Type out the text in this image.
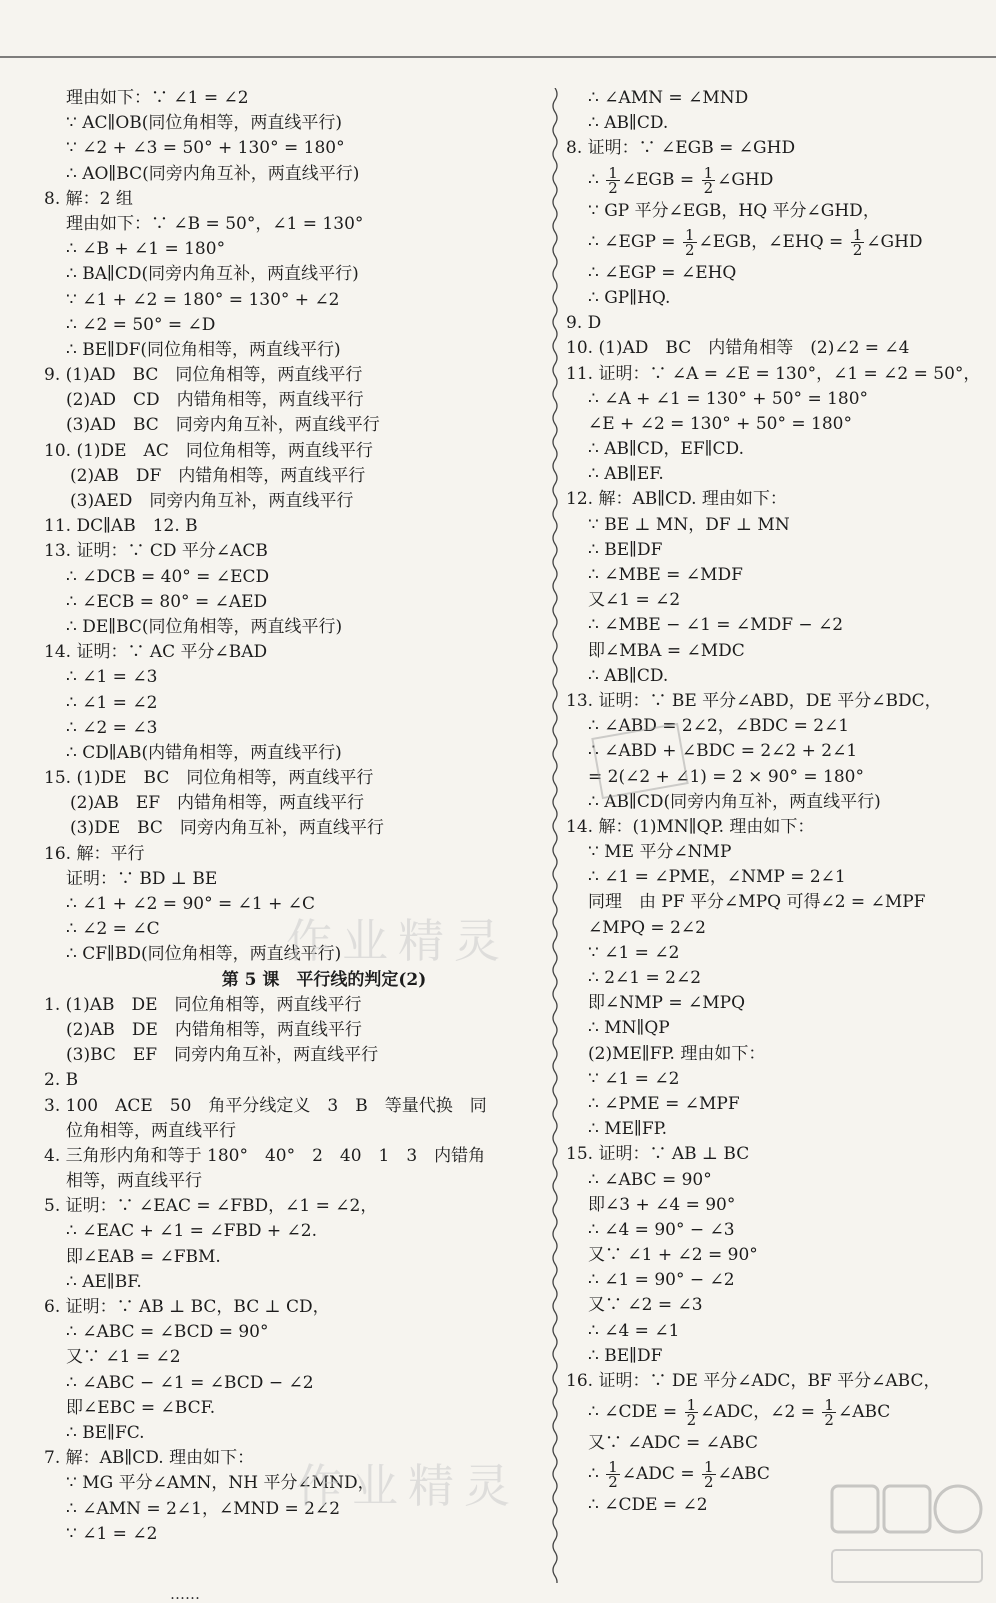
理由如下：∵ ∠1 = ∠2
∵ AC∥OB(同位角相等，两直线平行)
∵ ∠2 + ∠3 = 50° + 130° = 180°
∴ AO∥BC(同旁内角互补，两直线平行)
8. 解：2 组
理由如下：∵ ∠B = 50°，∠1 = 130°
∴ ∠B + ∠1 = 180°
∴ BA∥CD(同旁内角互补，两直线平行)
∵ ∠1 + ∠2 = 180° = 130° + ∠2
∴ ∠2 = 50° = ∠D
∴ BE∥DF(同位角相等，两直线平行)
9. (1)AD　BC　同位角相等，两直线平行
(2)AD　CD　内错角相等，两直线平行
(3)AD　BC　同旁内角互补，两直线平行
10. (1)DE　AC　同位角相等，两直线平行
(2)AB　DF　内错角相等，两直线平行
(3)AED　同旁内角互补，两直线平行
11. DC∥AB　12. B
13. 证明：∵ CD 平分∠ACB
∴ ∠DCB = 40° = ∠ECD
∴ ∠ECB = 80° = ∠AED
∴ DE∥BC(同位角相等，两直线平行)
14. 证明：∵ AC 平分∠BAD
∴ ∠1 = ∠3
∴ ∠1 = ∠2
∴ ∠2 = ∠3
∴ CD∥AB(内错角相等，两直线平行)
15. (1)DE　BC　同位角相等，两直线平行
(2)AB　EF　内错角相等，两直线平行
(3)DE　BC　同旁内角互补，两直线平行
16. 解：平行
证明：∵ BD ⊥ BE
∴ ∠1 + ∠2 = 90° = ∠1 + ∠C
∴ ∠2 = ∠C
∴ CF∥BD(同位角相等，两直线平行)
第 5 课　平行线的判定(2)
1. (1)AB　DE　同位角相等，两直线平行
(2)AB　DE　内错角相等，两直线平行
(3)BC　EF　同旁内角互补，两直线平行
2. B
3. 100　ACE　50　角平分线定义　3　B　等量代换　同
位角相等，两直线平行
4. 三角形内角和等于 180°　40°　2　40　1　3　内错角
相等，两直线平行
5. 证明：∵ ∠EAC = ∠FBD，∠1 = ∠2，
∴ ∠EAC + ∠1 = ∠FBD + ∠2.
即∠EAB = ∠FBM.
∴ AE∥BF.
6. 证明：∵ AB ⊥ BC，BC ⊥ CD，
∴ ∠ABC = ∠BCD = 90°
又∵ ∠1 = ∠2
∴ ∠ABC − ∠1 = ∠BCD − ∠2
即∠EBC = ∠BCF.
∴ BE∥FC.
7. 解：AB∥CD. 理由如下：
∵ MG 平分∠AMN，NH 平分∠MND，
∴ ∠AMN = 2∠1，∠MND = 2∠2
∵ ∠1 = ∠2
∴ ∠AMN = ∠MND
∴ AB∥CD.
8. 证明：∵ ∠EGB = ∠GHD
∴ $\frac{1}{2}$ ∠EGB = $\frac{1}{2}$ ∠GHD
∵ GP 平分∠EGB，HQ 平分∠GHD，
∴ ∠EGP = $\frac{1}{2}$ ∠EGB，∠EHQ = $\frac{1}{2}$ ∠GHD
∴ ∠EGP = ∠EHQ
∴ GP∥HQ.
9. D
10. (1)AD　BC　内错角相等　(2)∠2 = ∠4
11. 证明：∵ ∠A = ∠E = 130°，∠1 = ∠2 = 50°，
∴ ∠A + ∠1 = 130° + 50° = 180°
∠E + ∠2 = 130° + 50° = 180°
∴ AB∥CD，EF∥CD.
∴ AB∥EF.
12. 解：AB∥CD. 理由如下：
∵ BE ⊥ MN，DF ⊥ MN
∴ BE∥DF
∴ ∠MBE = ∠MDF
又∠1 = ∠2
∴ ∠MBE − ∠1 = ∠MDF − ∠2
即∠MBA = ∠MDC
∴ AB∥CD.
13. 证明：∵ BE 平分∠ABD，DE 平分∠BDC，
∴ ∠ABD = 2∠2，∠BDC = 2∠1
∴ ∠ABD + ∠BDC = 2∠2 + 2∠1
= 2(∠2 + ∠1) = 2 × 90° = 180°
∴ AB∥CD(同旁内角互补，两直线平行)
14. 解：(1)MN∥QP. 理由如下：
∵ ME 平分∠NMP
∴ ∠1 = ∠PME，∠NMP = 2∠1
同理　由 PF 平分∠MPQ 可得∠2 = ∠MPF
∠MPQ = 2∠2
∵ ∠1 = ∠2
∴ 2∠1 = 2∠2
即∠NMP = ∠MPQ
∴ MN∥QP
(2)ME∥FP. 理由如下：
∵ ∠1 = ∠2
∴ ∠PME = ∠MPF
∴ ME∥FP.
15. 证明：∵ AB ⊥ BC
∴ ∠ABC = 90°
即∠3 + ∠4 = 90°
∴ ∠4 = 90° − ∠3
又∵ ∠1 + ∠2 = 90°
∴ ∠1 = 90° − ∠2
又∵ ∠2 = ∠3
∴ ∠4 = ∠1
∴ BE∥DF
16. 证明：∵ DE 平分∠ADC，BF 平分∠ABC，
∴ ∠CDE = $\frac{1}{2}$ ∠ADC，∠2 = $\frac{1}{2}$ ∠ABC
又∵ ∠ADC = ∠ABC
∴ $\frac{1}{2}$ ∠ADC = $\frac{1}{2}$ ∠ABC
∴ ∠CDE = ∠2
作业精灵
作业精灵
……
